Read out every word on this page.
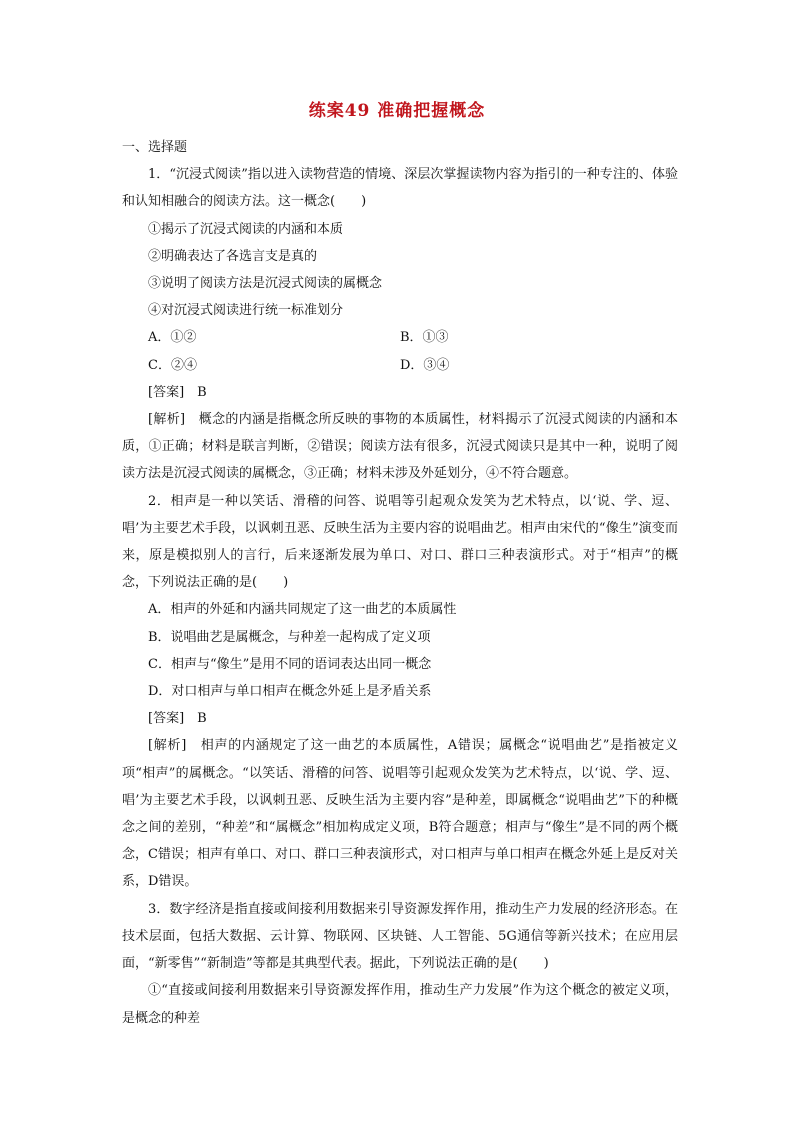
练案49 准确把握概念

一、选择题

1．“沉浸式阅读”指以进入读物营造的情境、深层次掌握读物内容为指引的一种专注的、体验和认知相融合的阅读方法。这一概念(　　)

①揭示了沉浸式阅读的内涵和本质

②明确表达了各选言支是真的

③说明了阅读方法是沉浸式阅读的属概念

④对沉浸式阅读进行统一标准划分

A．①②	B．①③
C．②④	D．③④

[答案]　B

[解析]　概念的内涵是指概念所反映的事物的本质属性，材料揭示了沉浸式阅读的内涵和本质，①正确；材料是联言判断，②错误；阅读方法有很多，沉浸式阅读只是其中一种，说明了阅读方法是沉浸式阅读的属概念，③正确；材料未涉及外延划分，④不符合题意。

2．相声是一种以笑话、滑稽的问答、说唱等引起观众发笑为艺术特点，以‘说、学、逗、唱’为主要艺术手段，以讽刺丑恶、反映生活为主要内容的说唱曲艺。相声由宋代的“像生”演变而来，原是模拟别人的言行，后来逐渐发展为单口、对口、群口三种表演形式。对于“相声”的概念，下列说法正确的是(　　)

A．相声的外延和内涵共同规定了这一曲艺的本质属性

B．说唱曲艺是属概念，与种差一起构成了定义项

C．相声与“像生”是用不同的语词表达出同一概念

D．对口相声与单口相声在概念外延上是矛盾关系

[答案]　B

[解析]　相声的内涵规定了这一曲艺的本质属性，A错误；属概念“说唱曲艺”是指被定义项“相声”的属概念。“以笑话、滑稽的问答、说唱等引起观众发笑为艺术特点，以‘说、学、逗、唱’为主要艺术手段，以讽刺丑恶、反映生活为主要内容”是种差，即属概念“说唱曲艺”下的种概念之间的差别，“种差”和“属概念”相加构成定义项，B符合题意；相声与“像生”是不同的两个概念，C错误；相声有单口、对口、群口三种表演形式，对口相声与单口相声在概念外延上是反对关系，D错误。

3．数字经济是指直接或间接利用数据来引导资源发挥作用，推动生产力发展的经济形态。在技术层面，包括大数据、云计算、物联网、区块链、人工智能、5G通信等新兴技术；在应用层面，“新零售”“新制造”等都是其典型代表。据此，下列说法正确的是(　　)

①“直接或间接利用数据来引导资源发挥作用，推动生产力发展”作为这个概念的被定义项，是概念的种差
